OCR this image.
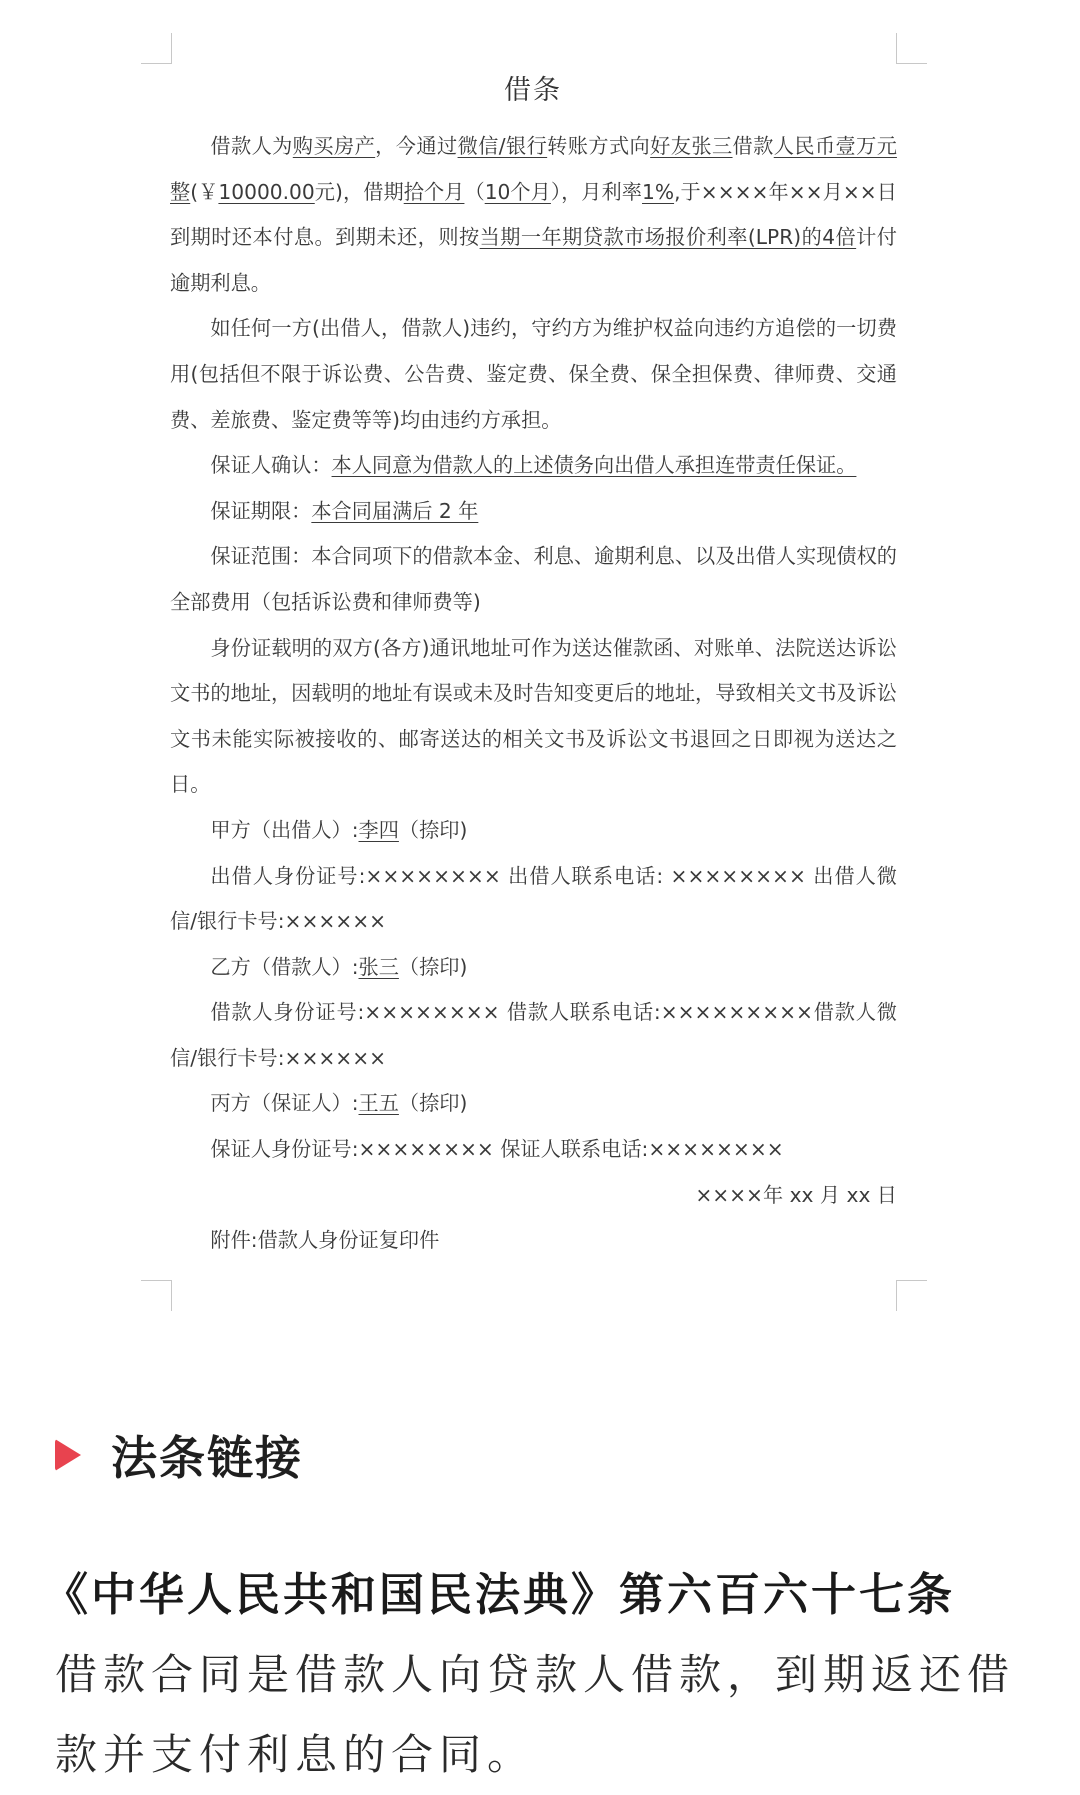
借条

借款人为购买房产，今通过微信/银行转账方式向好友张三借款人民币壹万元整(￥10000.00元)，借期拾个月（10个月），月利率1%,于××××年××月××日到期时还本付息。到期未还，则按当期一年期贷款市场报价利率(LPR)的4倍计付逾期利息。

如任何一方(出借人，借款人)违约，守约方为维护权益向违约方追偿的一切费用(包括但不限于诉讼费、公告费、鉴定费、保全费、保全担保费、律师费、交通费、差旅费、鉴定费等等)均由违约方承担。

保证人确认：本人同意为借款人的上述债务向出借人承担连带责任保证。

保证期限：本合同届满后 2 年

保证范围：本合同项下的借款本金、利息、逾期利息、以及出借人实现债权的全部费用（包括诉讼费和律师费等)

身份证载明的双方(各方)通讯地址可作为送达催款函、对账单、法院送达诉讼文书的地址，因载明的地址有误或未及时告知变更后的地址，导致相关文书及诉讼文书未能实际被接收的、邮寄送达的相关文书及诉讼文书退回之日即视为送达之日。

甲方（出借人）:李四（捺印)

出借人身份证号:×××××××× 出借人联系电话: ×××××××× 出借人微信/银行卡号:××××××

乙方（借款人）:张三（捺印)

借款人身份证号:×××××××× 借款人联系电话:×××××××××借款人微信/银行卡号:××××××

丙方（保证人）:王五（捺印)

保证人身份证号:×××××××× 保证人联系电话:××××××××

××××年 xx 月 xx 日

附件:借款人身份证复印件

法条链接
《中华人民共和国民法典》第六百六十七条
借款合同是借款人向贷款人借款，到期返还借款并支付利息的合同。
